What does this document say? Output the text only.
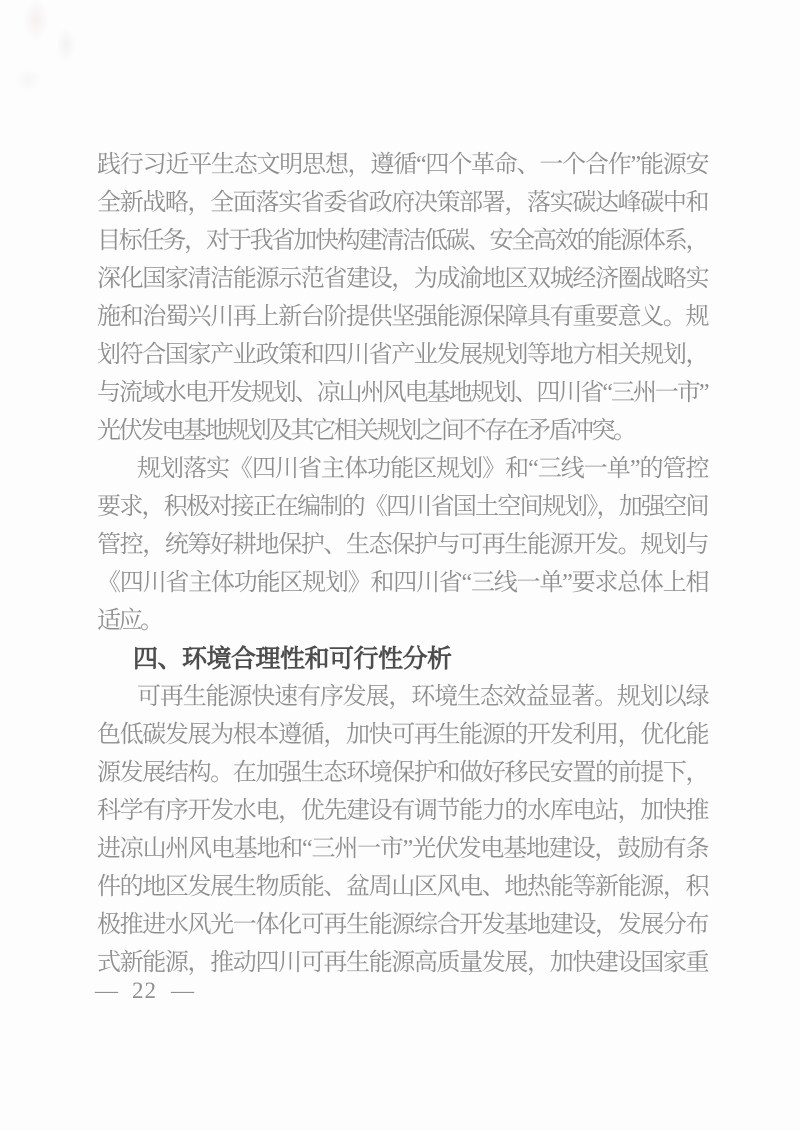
践行习近平生态文明思想，遵循“四个革命、一个合作”能源安
全新战略，全面落实省委省政府决策部署，落实碳达峰碳中和
目标任务，对于我省加快构建清洁低碳、安全高效的能源体系，
深化国家清洁能源示范省建设，为成渝地区双城经济圈战略实
施和治蜀兴川再上新台阶提供坚强能源保障具有重要意义。规
划符合国家产业政策和四川省产业发展规划等地方相关规划，
与流域水电开发规划、凉山州风电基地规划、四川省“三州一市”
光伏发电基地规划及其它相关规划之间不存在矛盾冲突。
规划落实《四川省主体功能区规划》和“三线一单”的管控
要求，积极对接正在编制的《四川省国土空间规划》，加强空间
管控，统筹好耕地保护、生态保护与可再生能源开发。规划与
《四川省主体功能区规划》和四川省“三线一单”要求总体上相
适应。
四、环境合理性和可行性分析
可再生能源快速有序发展，环境生态效益显著。规划以绿
色低碳发展为根本遵循，加快可再生能源的开发利用，优化能
源发展结构。在加强生态环境保护和做好移民安置的前提下，
科学有序开发水电，优先建设有调节能力的水库电站，加快推
进凉山州风电基地和“三州一市”光伏发电基地建设，鼓励有条
件的地区发展生物质能、盆周山区风电、地热能等新能源，积
极推进水风光一体化可再生能源综合开发基地建设，发展分布
式新能源，推动四川可再生能源高质量发展，加快建设国家重
— 22 —
